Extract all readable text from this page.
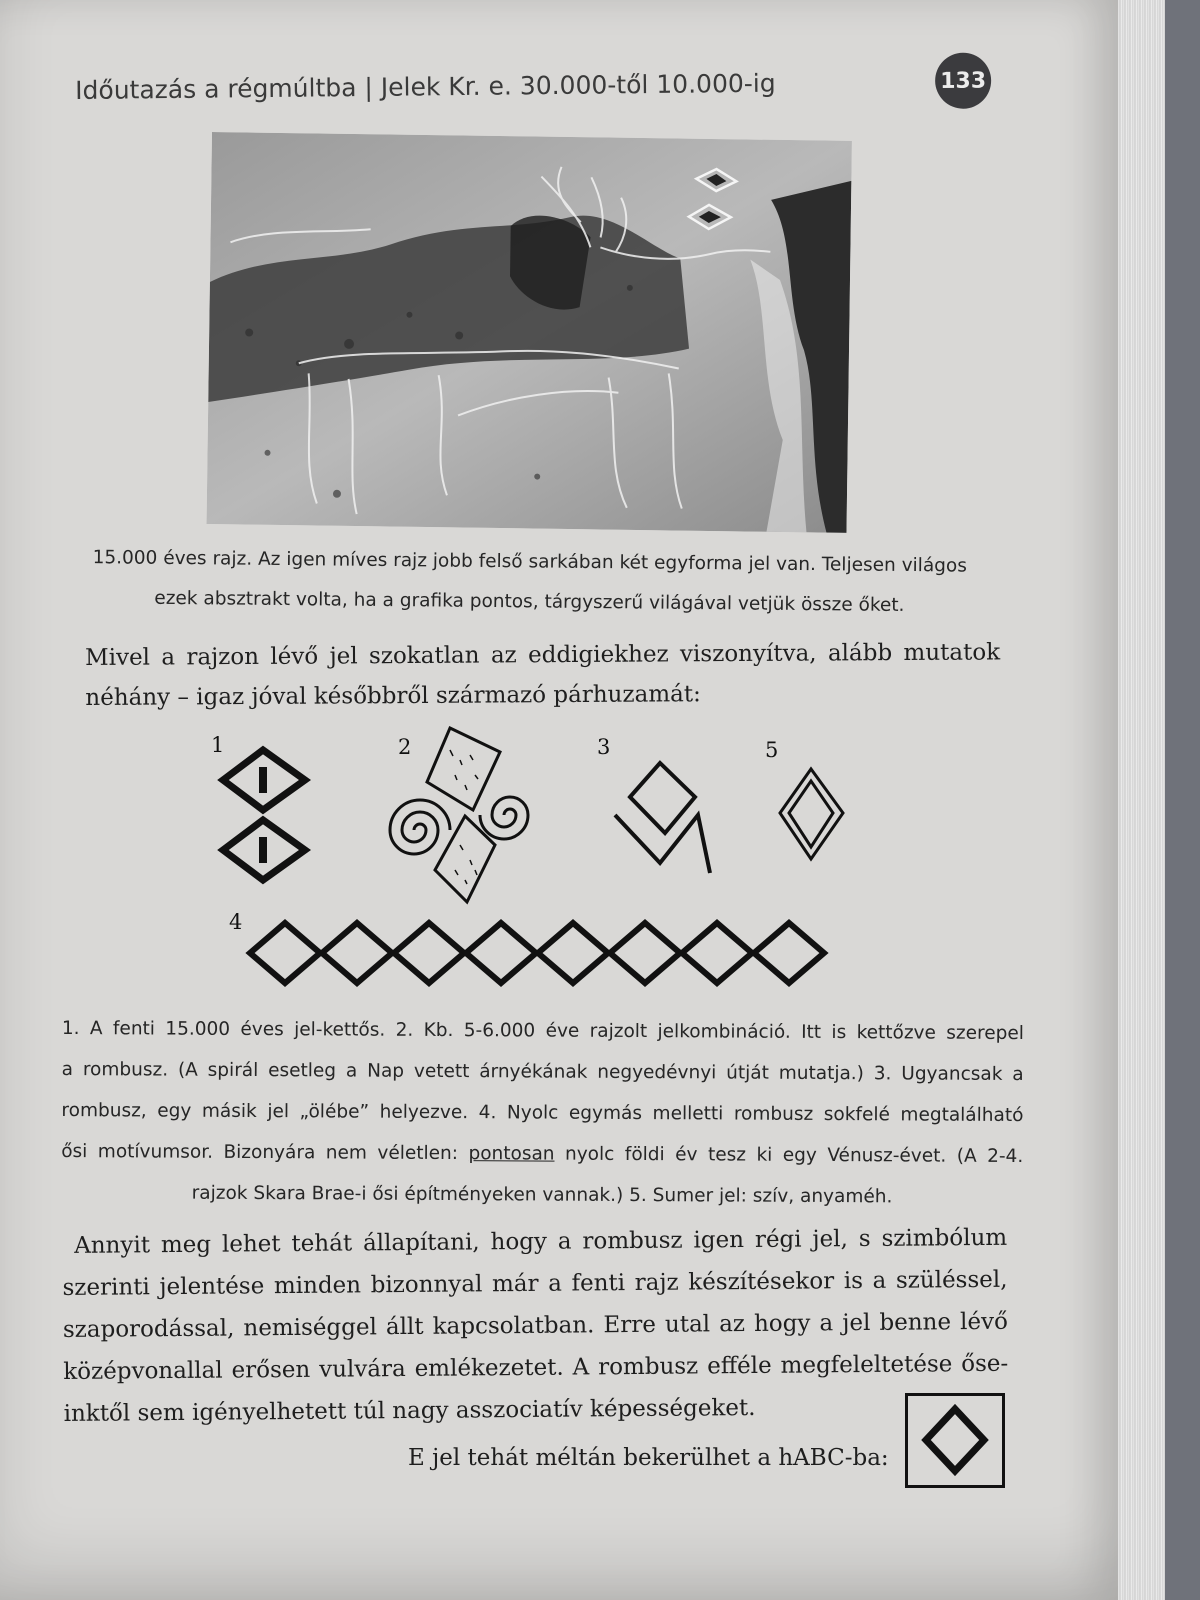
Időutazás a régmúltba | Jelek Kr. e. 30.000-től 10.000-ig	133

15.000 éves rajz. Az igen míves rajz jobb felső sarkában két egyforma jel van. Teljesen világos

ezek absztrakt volta, ha a grafika pontos, tárgyszerű világával vetjük össze őket.

Mivel a rajzon lévő jel szokatlan az eddigiekhez viszonyítva, alább mutatok

néhány – igaz jóval későbbről származó párhuzamát:

1	2	3	5
4

1. A fenti 15.000 éves jel-kettős. 2. Kb. 5-6.000 éve rajzolt jelkombináció. Itt is kettőzve szerepel

a rombusz. (A spirál esetleg a Nap vetett árnyékának negyedévnyi útját mutatja.) 3. Ugyancsak a

rombusz, egy másik jel „ölébe” helyezve. 4. Nyolc egymás melletti rombusz sokfelé megtalálható

ősi motívumsor. Bizonyára nem véletlen: pontosan nyolc földi év tesz ki egy Vénusz-évet. (A 2-4.

rajzok Skara Brae-i ősi építményeken vannak.) 5. Sumer jel: szív, anyaméh.

Annyit meg lehet tehát állapítani, hogy a rombusz igen régi jel, s szimbólum

szerinti jelentése minden bizonnyal már a fenti rajz készítésekor is a szüléssel,

szaporodással, nemiséggel állt kapcsolatban. Erre utal az hogy a jel benne lévő

középvonallal erősen vulvára emlékezetet. A rombusz efféle megfeleltetése őse-

inktől sem igényelhetett túl nagy asszociatív képességeket.

E jel tehát méltán bekerülhet a hABC-ba:
